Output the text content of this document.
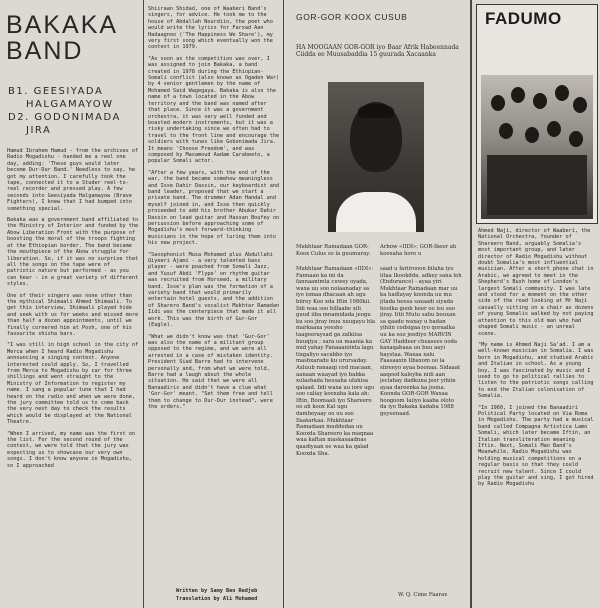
BAKAKA
BAND
B1. GEESIYADA
HALGAMAYOW
D2. GODONIMADA
JIRA

Hamud Ibrahem Hamud - from the archives of Radio Mogadishu - handed me a reel one day, adding: 'These guys would later become Dur-Dur Band.' Needless to say, he got my attention. I carefully took the tape, connected it to a Studer reel-to-reel recorder and pressed play. A few seconds into Geesiyada Halgamayow (Brave Fighters), I knew that I had bumped into something special.

Bakaka was a government band affiliated to the Ministry of Interior and funded by the Abow Liberation Front with the purpose of boosting the moral of the troops fighting at the Ethiopian border. The band became the mouthpiece of the Abow struggle for liberation. So, if it was no surprise that all the songs on the tape were of patriotic nature but performed - as you can hear - in a great variety of different styles.

One of their singers was none other than the mythical Shimaali Ahmed Shimaali. To get this interview, Shimaali played hide and seek with us for weeks and missed more than half a dozen appointments, until we finally cornered him at Posh, one of his favourite shisha bars.

"I was still in high school in the city of Merca when I heard Radio Mogadishu announcing a singing contest. Anyone interested could apply. So, I travelled from Merca to Mogadishu by car for three shillings and went straight to the Ministry of Information to register my name. I sang a popular tune that I had heard on the radio and when we were done, the jury committee told us to come back the very next day to check the results which would be displayed at the National Theatre.

"When I arrived, my name was the first on the list. For the second round of the contest, we were told that the jury was expecting us to showcase our very own songs. I don't know anyone in Mogadishu, so I approached

Shiiraan Shidad, one of Waaberi Band's singers, for advice. He took me to the house of Abdallah Nourdiin, the poet who would write the lyrics for Farxad Aan Hadaagnoo ('The Happiness We Share'), my very first song which eventually won the contest in 1979.

"As soon as the competition was over, I was assigned to join Bakaka, a band created in 1978 during the Ethiopian-Somali conflict (also known as Ogaden War) by 4 senior gentlemen by the name of Mohamed Said Wagegaya. Bakaka is also the name of a town located in the Abow territory and the band was named after that place. Since it was a government orchestra, it was very well funded and boasted modern instruments, but it was a risky undertaking since we often had to travel to the front line and encourage the soldiers with tunes like Gobonimada Jira. It means 'Choose Freedom', and was composed by Maxamoud Aadam Carabeeto, a popular Somali actor.

"After a few years, with the end of the war, the band became somehow meaningless and Isse Dahir Dassin, our keyboardist and band leader, proposed that we start a private band. The drummer Adan Handal and myself joined in, and Isse then quickly proceeded to add his brother Abukar Dahir Dassin on lead guitar and Hassan Boufey on percussion before approaching some of Mogadishu's most forward-thinking musicians in the hope of luring them into his new project.

"Saxophonist Musa Mohamed plus Abdullahi Qiyeeri Ajami - a very talented bass player - were poached from Somali Jazz, and Yusuf Abdi 'Flype' on rhythm guitar was recruited from Horseed, a military band. Isse's plan was the formation of a variety band that would primarily entertain hotel guests, and the addition of Sharero Band's vocalist Mukhtar Ramadan Iidi was the centerpiece that made it all work. This was the birth of Gur-Gor (Eagle).

"What we didn't know was that 'Gur-Gor' was also the name of a militant group opposed to the regime, and we were all arrested in a case of mistaken identity. President Siad Barre had to intervene personally and, from what we were told, Barre had a laugh about the whole situation. He said that we were all Banaadiris and didn't have a clue what 'Gor-Gor' meant. "Set them free and tell them to change to Dur-Dur instead", were the orders."

Written by Samy Ben Redjeb
Translation by Ali Mohamed
GOR-GOR KOOX CUSUB
HA MOOGAAN GOR-GOR iyo Baar Afrik Habeennada Ciidda ee Muusabaddia 15 guurada Xacaanka
Mukhtaar Ramadaan GOR-Koox Culus so la guumuray.
Arbow «IIDI»: GOR-Ikeer ah kooxaha hore u
Mukhtaar Ramadaan «IIDI»: Fannaan ka mi da fannaanimta cuwey oyada, waxa uu soo nolaanaday sa iyo ismaa dhacaan ah ugu biirey Koo xda Iftin 1980kii. Iidi waa soo billaabe xili guud iiba mnamidada jeogu ku soo jiray inuu xuugayu bla markaaxa yeesho taageeraysad ga zalkiisa buuqiya ; sara uu maania ka mid yahay Fanaaaniinta lagu tixgaliyo sacabbo iyo mashxaradu ku urursaday. Axluub ranaaqi cod macaan, aanaan waayad iyo babka xulashada heesaha ufahisa qalaad. Iidi waxa uu iore ugu soo caliay kooxaha kala ah: Iftin, Boomaali iyo Shareero oo ah koox Kal ugu dambeyaay oo uu soo Ilaatarkaa. Mukhtaar Ramadaan muddedaa uu Kooxda Shareero ka maqnaa waa kaftan maskasaadnas qaadiyaan ee waa ka qalad Kooxda Sha.
saad u fariirooon bilaha iyo iitaa Ikookdda, adkey sana leh (Endurance) - ayaa yiri Mukhtaar Ramadaan mar uu ka hadlayay koonda uu mu jitada heesa saxaadi siyada hoolka goob heer oo isu soo jiray. Iitii Mutu sahu bouxan sa qaado waxay u badan yihiin codsigaa iyo qoraalka uu ka soo jeediyo MARVIN GAY Haddeer cheasees ooda kaxaqabaaa uu buu aayi haystaa. Waxaa xalu Faasaaxin Iibaxom oo la siireeyo ayaa boonaa. Sidaaat aaqeed kaleyba nidi aan jeclahay dadkuna jeer yihiin ayaa dareenka ka joona. Koonda GOR-GOR Waxaa hoogoom Iaiiyo kaaba oloto da iyo Bakaka kadaba 1988 geyeenaad.
W. Q. Cime Faarax
FADUMO

Ahmed Naji, director of Waaberi, the National Orchestra, founder of Shareero Band, arguably Somalia's most important group, and later director of Radio Mogadishu without doubt Somalia's most influential musician. After a short phone chat in Arabic, we agreed to meet in the Shepherd's Bush home of London's largest Somali community. I was late and stood for a moment on the other side of the road looking at Mr Naji casually sitting on a chair as dozens of young Somalis walked by not paying attention to this old man who had shaped Somali music - an unreal scene.

"My name is Ahmed Naji Sa'ad. I am a well-known musician in Somalia. I was born in Mogadishu, and studied Arabic and Italian in school. As a young boy, I was fascinated by music and I used to go to political rallies to listen to the patriotic songs calling to end the Italian colonisation of Somalia.

"In 1960, I joined the Banaadiri Political Party located on Via Roma in Mogadishu. The party had a musical band called Compagna Artistica Lamo Somali, which later became Iftin, an Italian transliteration meaning Iftin. Next, Somali Man Band's Meanwhile, Radio Mogadishu was holding musical competitions on a regular basis so that they could recruit new talent. Since I could play the guitar and sing, I got hired by Radio Mogadishu
